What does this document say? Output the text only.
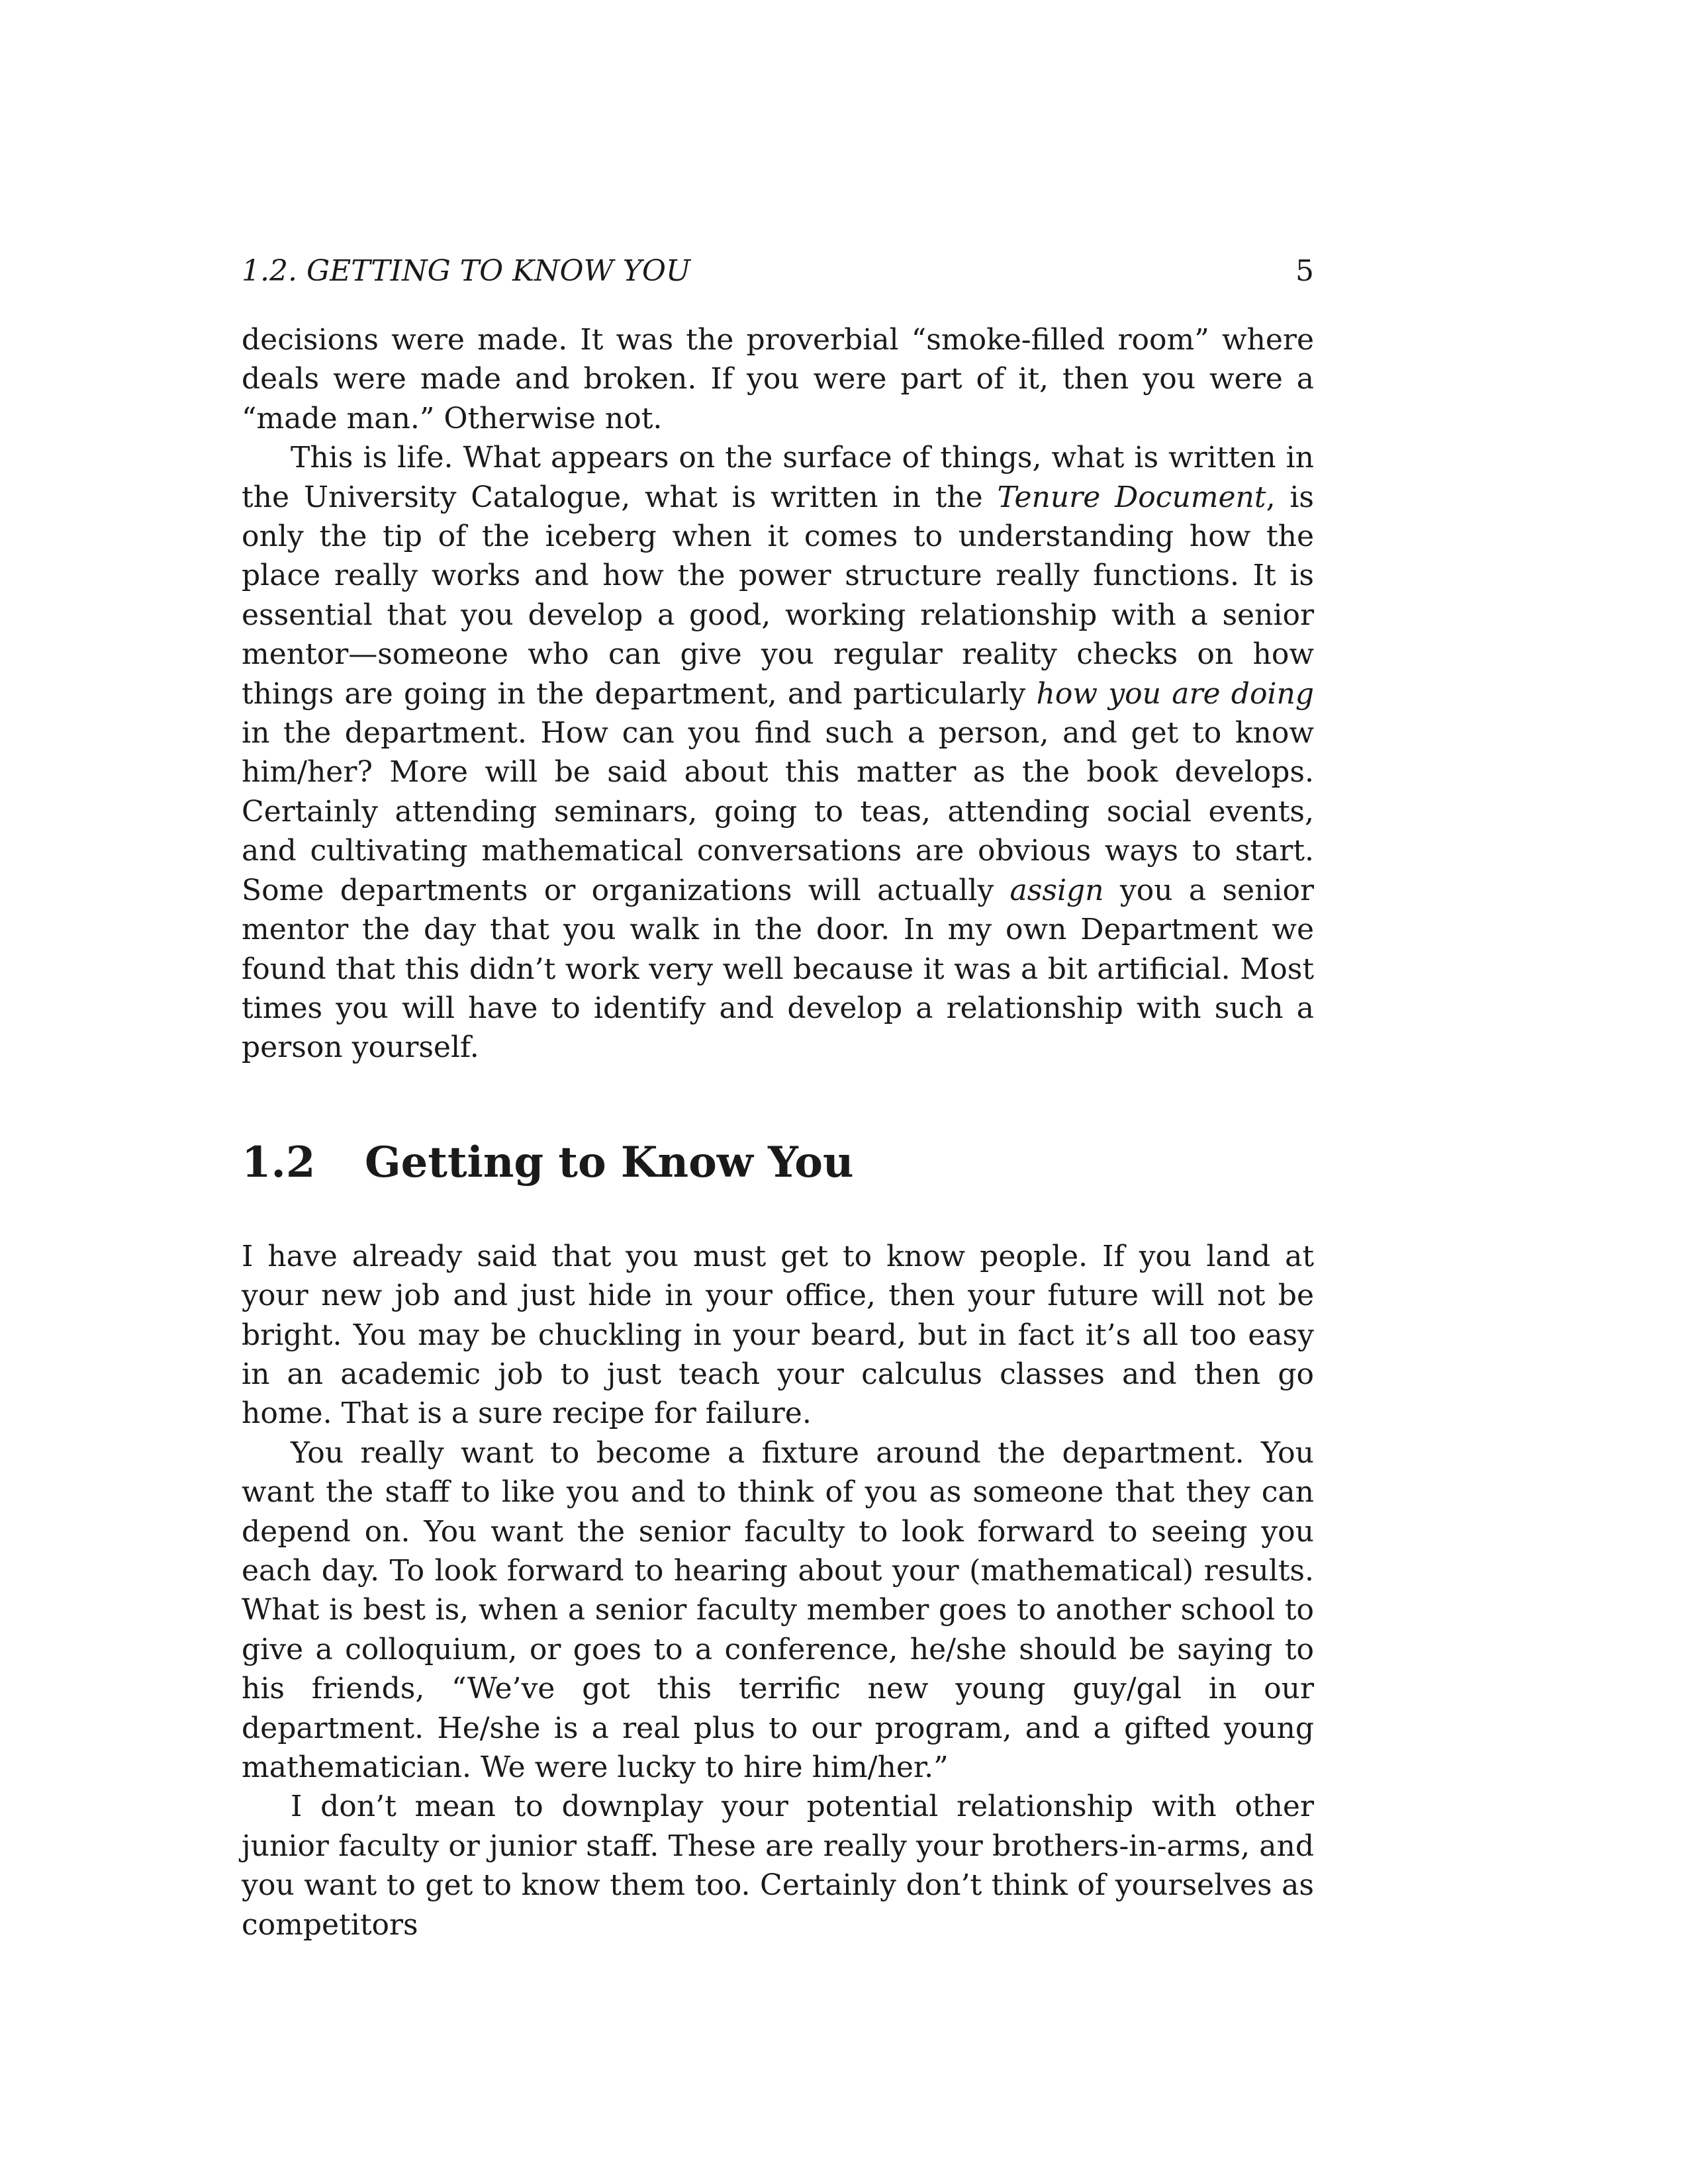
1.2. GETTING TO KNOW YOU	5

decisions were made. It was the proverbial “smoke-filled room” where deals were made and broken. If you were part of it, then you were a “made man.” Otherwise not.

This is life. What appears on the surface of things, what is written in the University Catalogue, what is written in the Tenure Document, is only the tip of the iceberg when it comes to understanding how the place really works and how the power structure really functions. It is essential that you develop a good, working relationship with a senior mentor—someone who can give you regular reality checks on how things are going in the department, and particularly how you are doing in the department. How can you find such a person, and get to know him/her? More will be said about this matter as the book develops. Certainly attending seminars, going to teas, attending social events, and cultivating mathematical conversations are obvious ways to start. Some departments or organizations will actually assign you a senior mentor the day that you walk in the door. In my own Department we found that this didn’t work very well because it was a bit artificial. Most times you will have to identify and develop a relationship with such a person yourself.

1.2 Getting to Know You

I have already said that you must get to know people. If you land at your new job and just hide in your office, then your future will not be bright. You may be chuckling in your beard, but in fact it’s all too easy in an academic job to just teach your calculus classes and then go home. That is a sure recipe for failure.

You really want to become a fixture around the department. You want the staff to like you and to think of you as someone that they can depend on. You want the senior faculty to look forward to seeing you each day. To look forward to hearing about your (mathematical) results. What is best is, when a senior faculty member goes to another school to give a colloquium, or goes to a conference, he/she should be saying to his friends, “We’ve got this terrific new young guy/gal in our department. He/she is a real plus to our program, and a gifted young mathematician. We were lucky to hire him/her.”

I don’t mean to downplay your potential relationship with other junior faculty or junior staff. These are really your brothers-in-arms, and you want to get to know them too. Certainly don’t think of yourselves as competitors
